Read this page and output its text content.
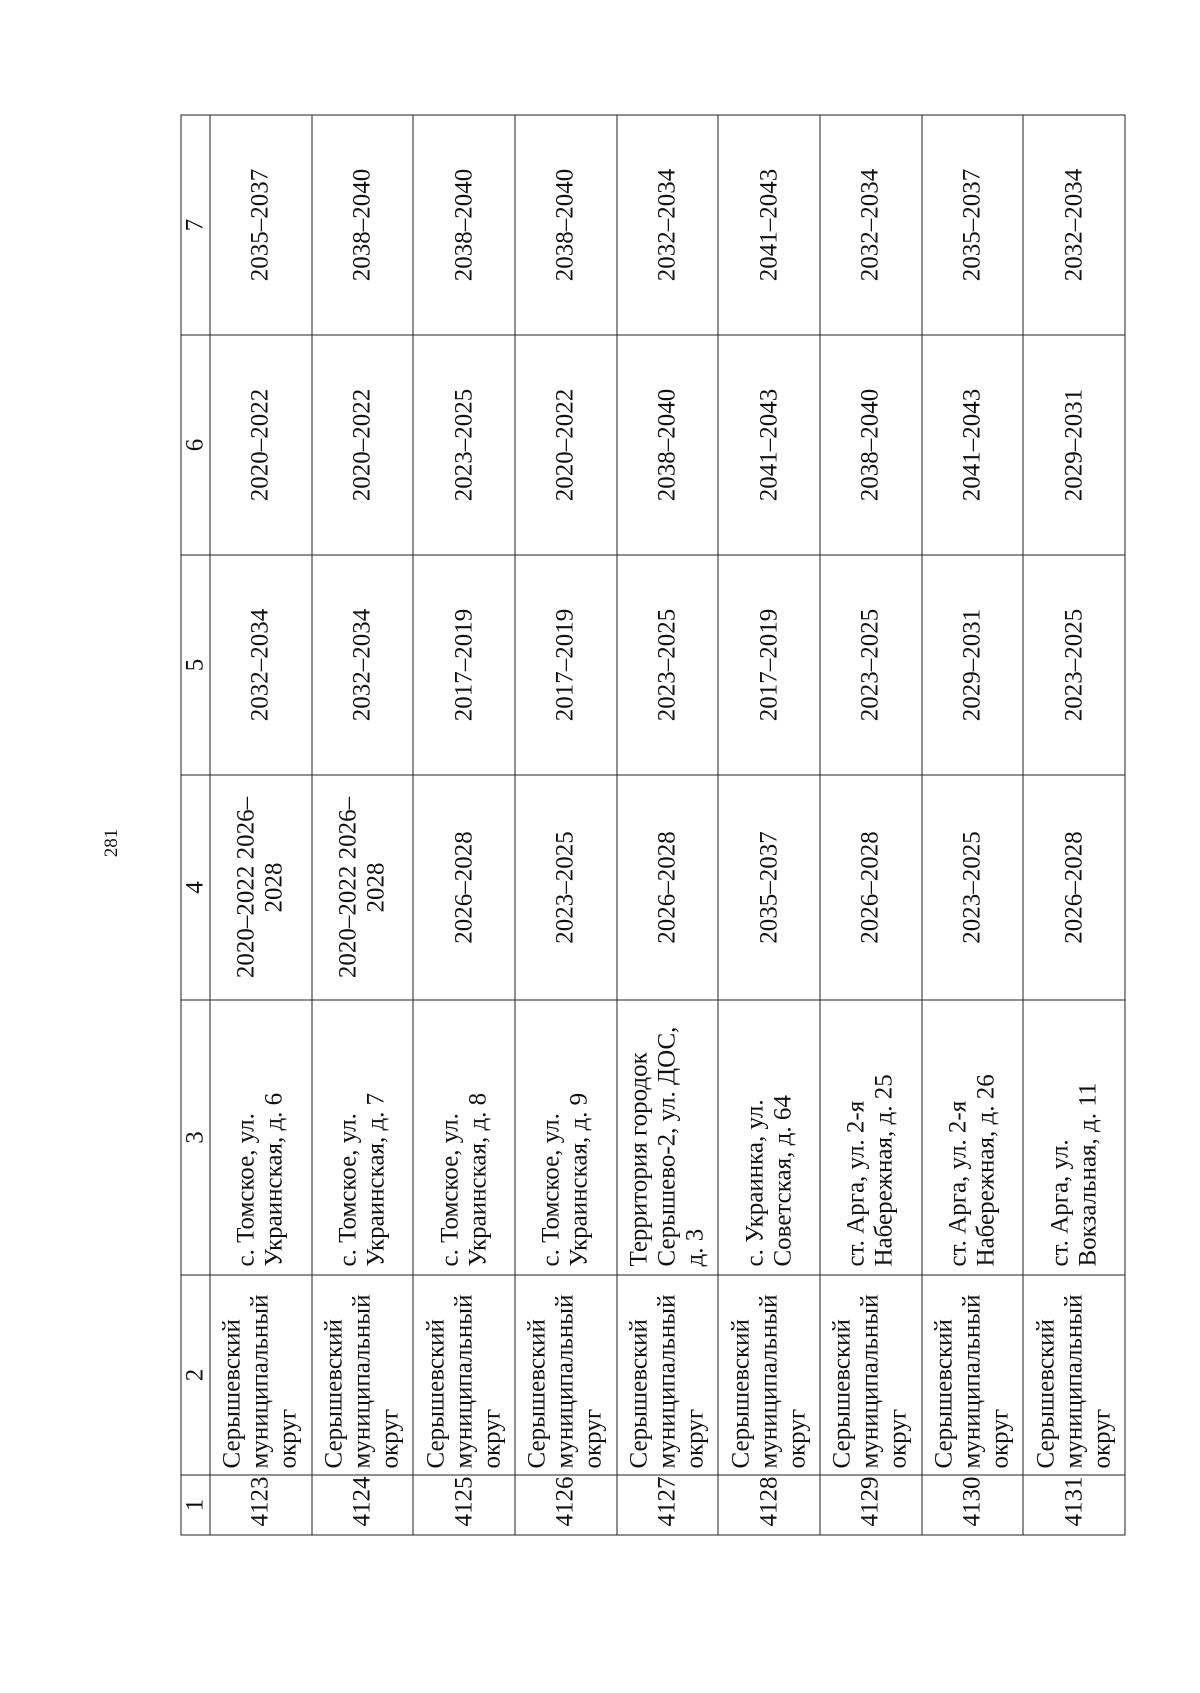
281
1	2	3	4	5	6	7
4123	Серышевский муниципальный округ	с. Томское, ул. Украинская, д. 6	2020–2022 2026–2028	2032–2034	2020–2022	2035–2037
4124	Серышевский муниципальный округ	с. Томское, ул. Украинская, д. 7	2020–2022 2026–2028	2032–2034	2020–2022	2038–2040
4125	Серышевский муниципальный округ	с. Томское, ул. Украинская, д. 8	2026–2028	2017–2019	2023–2025	2038–2040
4126	Серышевский муниципальный округ	с. Томское, ул. Украинская, д. 9	2023–2025	2017–2019	2020–2022	2038–2040
4127	Серышевский муниципальный округ	Территория городок Серышево-2, ул. ДОС, д. 3	2026–2028	2023–2025	2038–2040	2032–2034
4128	Серышевский муниципальный округ	с. Украинка, ул. Советская, д. 64	2035–2037	2017–2019	2041–2043	2041–2043
4129	Серышевский муниципальный округ	ст. Арга, ул. 2-я Набережная, д. 25	2026–2028	2023–2025	2038–2040	2032–2034
4130	Серышевский муниципальный округ	ст. Арга, ул. 2-я Набережная, д. 26	2023–2025	2029–2031	2041–2043	2035–2037
4131	Серышевский муниципальный округ	ст. Арга, ул. Вокзальная, д. 11	2026–2028	2023–2025	2029–2031	2032–2034
